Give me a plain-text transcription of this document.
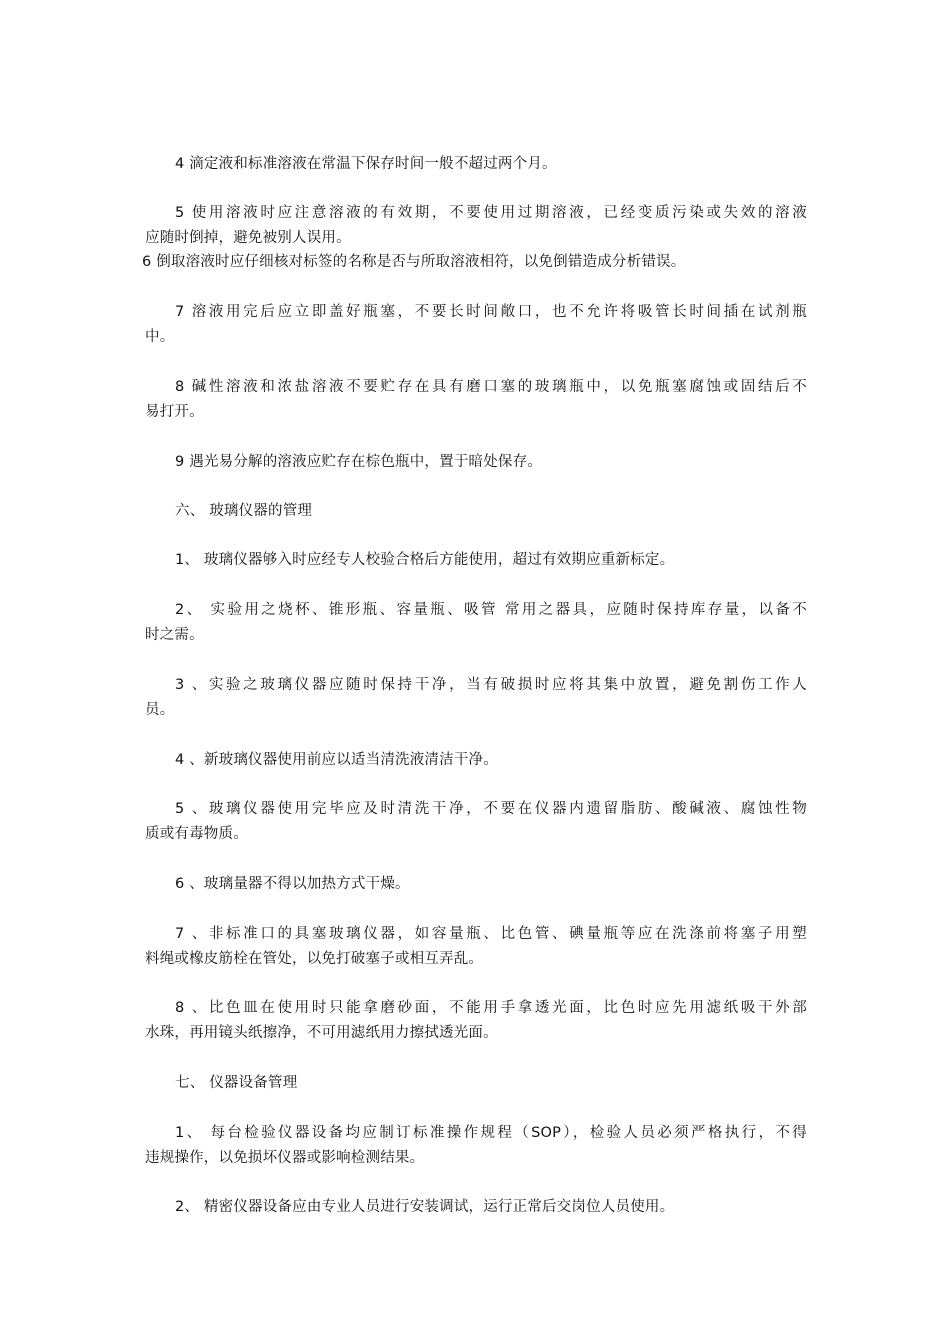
4 滴定液和标准溶液在常温下保存时间一般不超过两个月。

5 使用溶液时应注意溶液的有效期，不要使用过期溶液，已经变质污染或失效的溶液
应随时倒掉，避免被别人误用。

6 倒取溶液时应仔细核对标签的名称是否与所取溶液相符，以免倒错造成分析错误。

7 溶液用完后应立即盖好瓶塞，不要长时间敞口，也不允许将吸管长时间插在试剂瓶
中。

8 碱性溶液和浓盐溶液不要贮存在具有磨口塞的玻璃瓶中，以免瓶塞腐蚀或固结后不
易打开。

9 遇光易分解的溶液应贮存在棕色瓶中，置于暗处保存。

六、 玻璃仪器的管理

1、 玻璃仪器够入时应经专人校验合格后方能使用，超过有效期应重新标定。

2、 实验用之烧杯、锥形瓶、容量瓶、吸管 常用之器具，应随时保持库存量，以备不
时之需。

3 、实验之玻璃仪器应随时保持干净，当有破损时应将其集中放置，避免割伤工作人
员。

4 、新玻璃仪器使用前应以适当清洗液清洁干净。

5 、玻璃仪器使用完毕应及时清洗干净，不要在仪器内遗留脂肪、酸碱液、腐蚀性物
质或有毒物质。

6 、玻璃量器不得以加热方式干燥。

7 、非标准口的具塞玻璃仪器，如容量瓶、比色管、碘量瓶等应在洗涤前将塞子用塑
料绳或橡皮筋栓在管处，以免打破塞子或相互弄乱。

8 、比色皿在使用时只能拿磨砂面，不能用手拿透光面，比色时应先用滤纸吸干外部
水珠，再用镜头纸擦净，不可用滤纸用力擦拭透光面。

七、 仪器设备管理

1、 每台检验仪器设备均应制订标准操作规程（SOP），检验人员必须严格执行，不得
违规操作，以免损坏仪器或影响检测结果。

2、 精密仪器设备应由专业人员进行安装调试，运行正常后交岗位人员使用。
